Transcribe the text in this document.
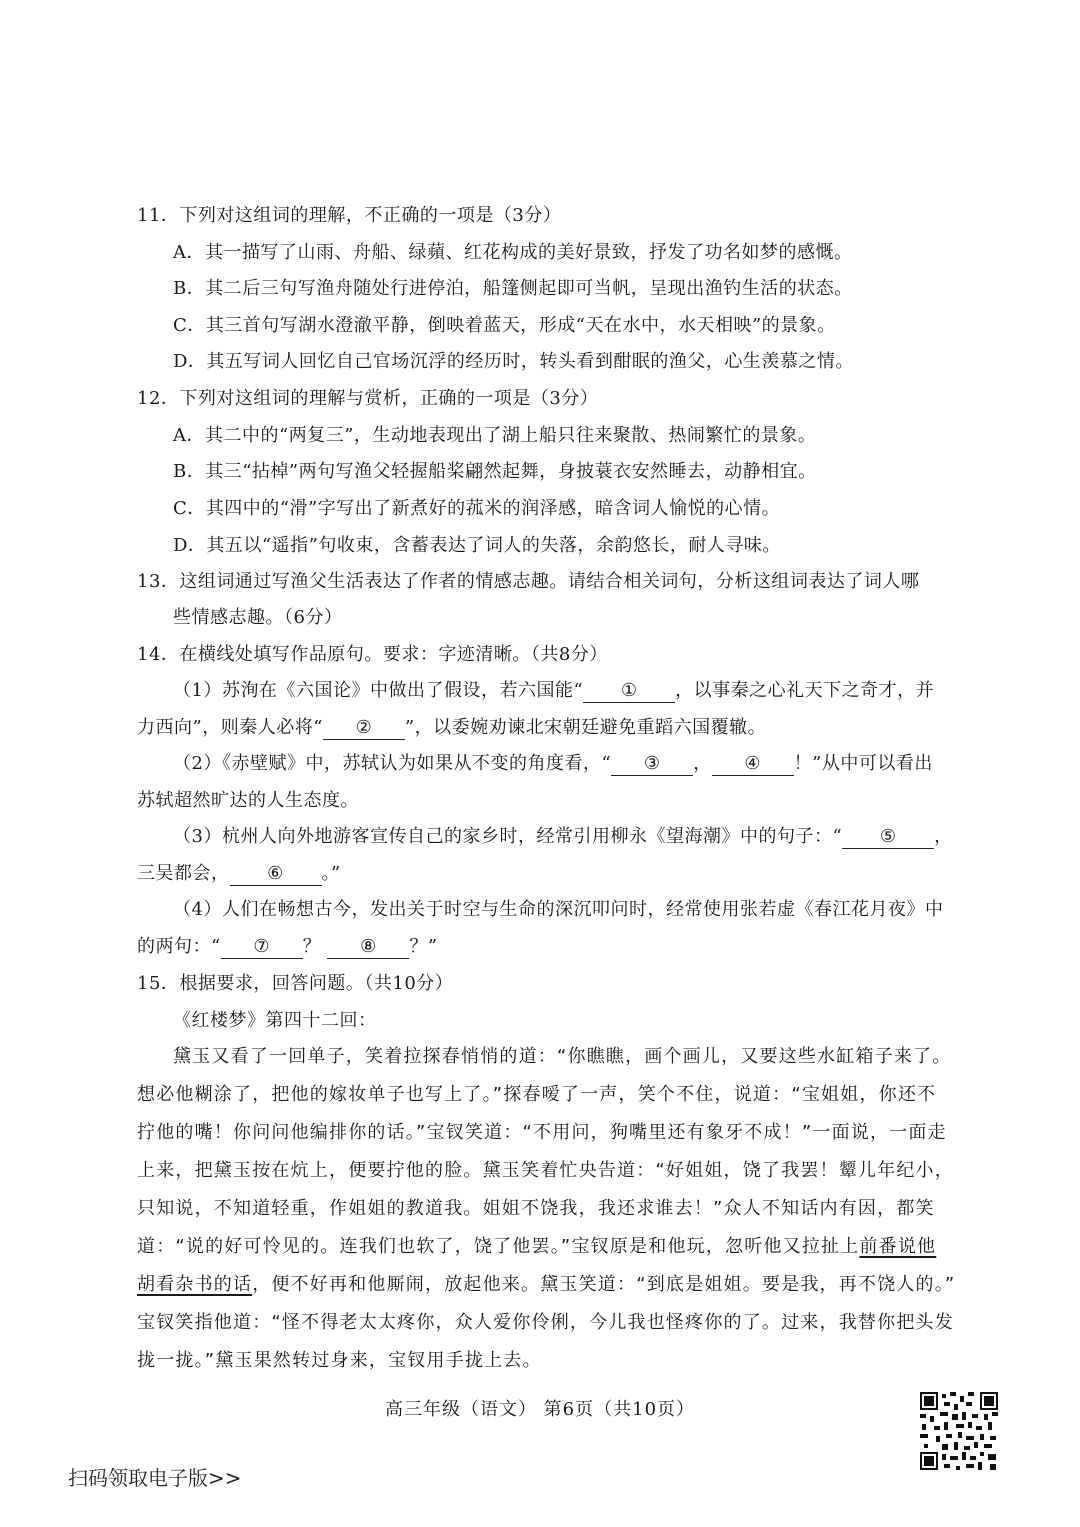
11．下列对这组词的理解，不正确的一项是（3分）
A．其一描写了山雨、舟船、绿蘋、红花构成的美好景致，抒发了功名如梦的感慨。
B．其二后三句写渔舟随处行进停泊，船篷侧起即可当帆，呈现出渔钓生活的状态。
C．其三首句写湖水澄澈平静，倒映着蓝天，形成“天在水中，水天相映”的景象。
D．其五写词人回忆自己官场沉浮的经历时，转头看到酣眠的渔父，心生羡慕之情。
12．下列对这组词的理解与赏析，正确的一项是（3分）
A．其二中的“两复三”，生动地表现出了湖上船只往来聚散、热闹繁忙的景象。
B．其三“拈棹”两句写渔父轻握船桨翩然起舞，身披蓑衣安然睡去，动静相宜。
C．其四中的“滑”字写出了新煮好的菰米的润泽感，暗含词人愉悦的心情。
D．其五以“遥指”句收束，含蓄表达了词人的失落，余韵悠长，耐人寻味。
13．这组词通过写渔父生活表达了作者的情感志趣。请结合相关词句，分析这组词表达了词人哪
些情感志趣。（6分）
14．在横线处填写作品原句。要求：字迹清晰。（共8分）
（1）苏洵在《六国论》中做出了假设，若六国能“ ① ，以事秦之心礼天下之奇才，并
力西向”，则秦人必将“ ② ”，以委婉劝谏北宋朝廷避免重蹈六国覆辙。
（2）《赤壁赋》中，苏轼认为如果从不变的角度看，“ ③ ， ④ ！”从中可以看出
苏轼超然旷达的人生态度。
（3）杭州人向外地游客宣传自己的家乡时，经常引用柳永《望海潮》中的句子：“ ⑤ ，
三吴都会， ⑥ 。”
（4）人们在畅想古今，发出关于时空与生命的深沉叩问时，经常使用张若虚《春江花月夜》中
的两句：“ ⑦ ？ ⑧ ？”
15．根据要求，回答问题。（共10分）
《红楼梦》第四十二回：
黛玉又看了一回单子，笑着拉探春悄悄的道：“你瞧瞧，画个画儿，又要这些水缸箱子来了。
想必他糊涂了，把他的嫁妆单子也写上了。”探春嗳了一声，笑个不住，说道：“宝姐姐，你还不
拧他的嘴！你问问他编排你的话。”宝钗笑道：“不用问，狗嘴里还有象牙不成！”一面说，一面走
上来，把黛玉按在炕上，便要拧他的脸。黛玉笑着忙央告道：“好姐姐，饶了我罢！颦儿年纪小，
只知说，不知道轻重，作姐姐的教道我。姐姐不饶我，我还求谁去！”众人不知话内有因，都笑
道：“说的好可怜见的。连我们也软了，饶了他罢。”宝钗原是和他玩，忽听他又拉扯上前番说他
胡看杂书的话，便不好再和他厮闹，放起他来。黛玉笑道：“到底是姐姐。要是我，再不饶人的。”
宝钗笑指他道：“怪不得老太太疼你，众人爱你伶俐，今儿我也怪疼你的了。过来，我替你把头发
拢一拢。”黛玉果然转过身来，宝钗用手拢上去。
高三年级（语文） 第6页（共10页）
扫码领取电子版>>
